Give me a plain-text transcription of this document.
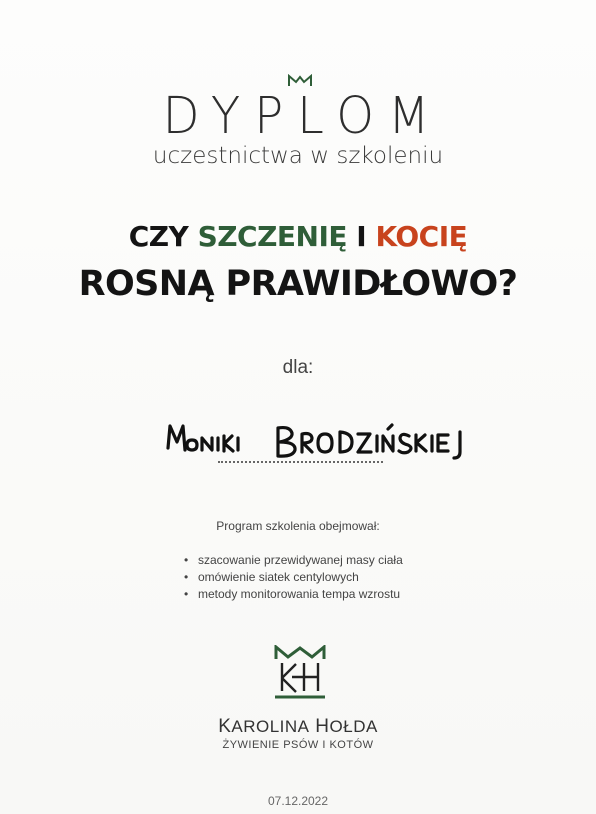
DYPLOM
uczestnictwa w szkoleniu
CZY SZCZENIĘ I KOCIĘ
ROSNĄ PRAWIDŁOWO?
dla:
Program szkolenia obejmował:
• szacowanie przewidywanej masy ciała
• omówienie siatek centylowych
• metody monitorowania tempa wzrostu
KAROLINA HOŁDA
ŻYWIENIE PSÓW I KOTÓW
07.12.2022
